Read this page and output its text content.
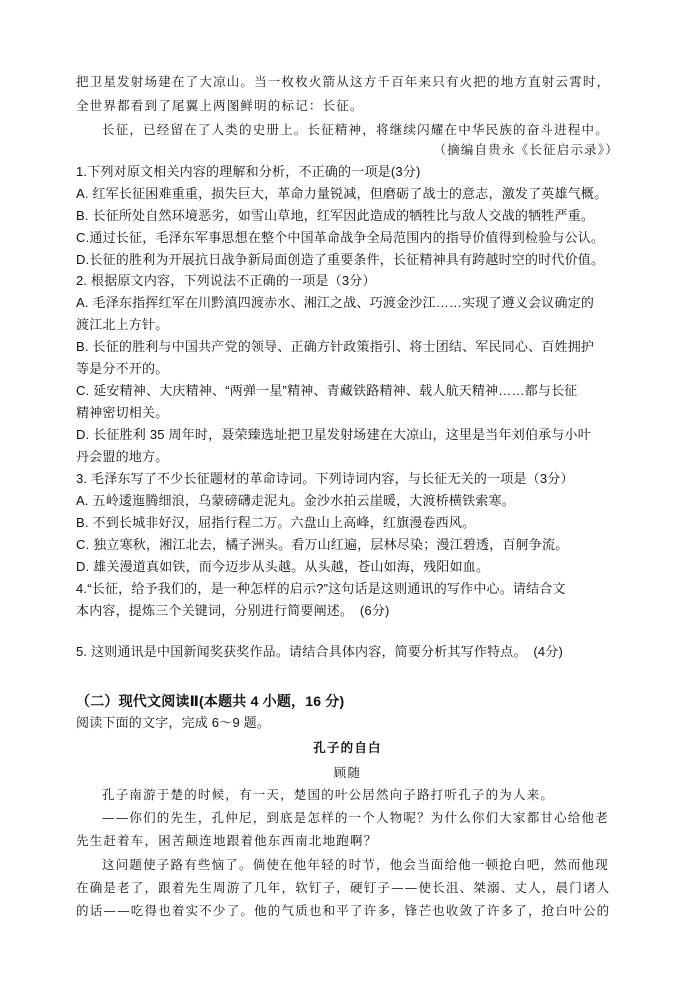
把卫星发射场建在了大凉山。当一枚枚火箭从这方千百年来只有火把的地方直射云霄时，
全世界都看到了尾翼上两图鲜明的标记：长征。
长征，已经留在了人类的史册上。长征精神，将继续闪耀在中华民族的奋斗进程中。
（摘编自贵永《长征启示录》）
1.下列对原文相关内容的理解和分析，不正确的一项是(3分)
A. 红军长征困难重重，损失巨大，革命力量锐减，但磨砺了战士的意志，激发了英雄气概。
B. 长征所处自然环境恶劣，如雪山草地，红军因此造成的牺牲比与敌人交战的牺牲严重。
C.通过长征，毛泽东军事思想在整个中国革命战争全局范围内的指导价值得到检验与公认。
D.长征的胜利为开展抗日战争新局面创造了重要条件，长征精神具有跨越时空的时代价值。
2. 根据原文内容，下列说法不正确的一项是（3分）
A. 毛泽东指挥红军在川黔滇四渡赤水、湘江之战、巧渡金沙江……实现了遵义会议确定的
渡江北上方针。
B. 长征的胜利与中国共产党的领导、正确方针政策指引、将士团结、军民同心、百姓拥护
等是分不开的。
C. 延安精神、大庆精神、“两弹一星”精神、青藏铁路精神、载人航天精神……都与长征
精神密切相关。
D. 长征胜利 35 周年时，聂荣臻选址把卫星发射场建在大凉山，这里是当年刘伯承与小叶
丹会盟的地方。
3. 毛泽东写了不少长征题材的革命诗词。下列诗词内容，与长征无关的一项是（3分）
A. 五岭逶迤腾细浪，乌蒙磅礴走泥丸。金沙水拍云崖暖，大渡桥横铁索寒。
B. 不到长城非好汉，屈指行程二万。六盘山上高峰，红旗漫卷西风。
C. 独立寒秋，湘江北去，橘子洲头。看万山红遍，层林尽染；漫江碧透，百舸争流。
D. 雄关漫道真如铁，而今迈步从头越。从头越，苍山如海，残阳如血。
4.“长征，给予我们的，是一种怎样的启示?”这句话是这则通讯的写作中心。请结合文
本内容，提炼三个关键词，分别进行简要阐述。　(6分)
5. 这则通讯是中国新闻奖获奖作品。请结合具体内容，简要分析其写作特点。　(4分)
（二）现代文阅读Ⅱ(本题共 4 小题，16 分)
阅读下面的文字，完成 6～9 题。
孔子的自白
顾随
孔子南游于楚的时候，有一天，楚国的叶公居然向子路打听孔子的为人来。
——你们的先生，孔仲尼，到底是怎样的一个人物呢？为什么你们大家都甘心给他老
先生赶着车，困苦颠连地跟着他东西南北地跑啊？
这问题使子路有些恼了。倘使在他年轻的时节，他会当面给他一顿抢白吧，然而他现
在确是老了，跟着先生周游了几年，软钉子，硬钉子——使长沮、桀溺、丈人，晨门诸人
的话——吃得也着实不少了。他的气质也和平了许多，锋芒也收敛了许多了，抢白叶公的
